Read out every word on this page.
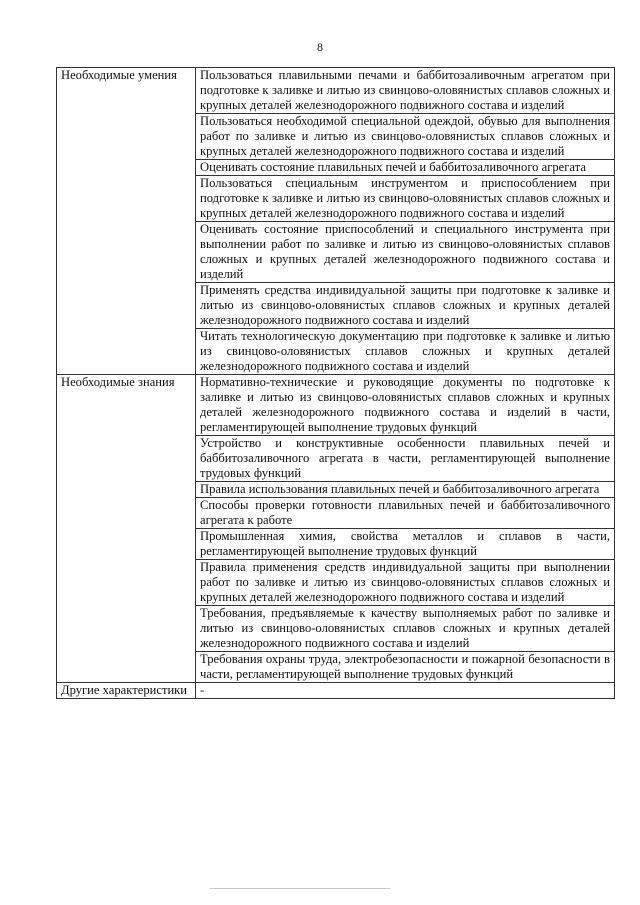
8
Необходимые умения	Пользоваться плавильными печами и баббитозаливочным агрегатом при подготовке к заливке и литью из свинцово-оловянистых сплавов сложных и крупных деталей железнодорожного подвижного состава и изделий
	Пользоваться необходимой специальной одеждой, обувью для выполнения работ по заливке и литью из свинцово-оловянистых сплавов сложных и крупных деталей железнодорожного подвижного состава и изделий
	Оценивать состояние плавильных печей и баббитозаливочного агрегата
	Пользоваться специальным инструментом и приспособлением при подготовке к заливке и литью из свинцово-оловянистых сплавов сложных и крупных деталей железнодорожного подвижного состава и изделий
	Оценивать состояние приспособлений и специального инструмента при выполнении работ по заливке и литью из свинцово-оловянистых сплавов сложных и крупных деталей железнодорожного подвижного состава и изделий
	Применять средства индивидуальной защиты при подготовке к заливке и литью из свинцово-оловянистых сплавов сложных и крупных деталей железнодорожного подвижного состава и изделий
	Читать технологическую документацию при подготовке к заливке и литью из свинцово-оловянистых сплавов сложных и крупных деталей железнодорожного подвижного состава и изделий
Необходимые знания	Нормативно-технические и руководящие документы по подготовке к заливке и литью из свинцово-оловянистых сплавов сложных и крупных деталей железнодорожного подвижного состава и изделий в части, регламентирующей выполнение трудовых функций
	Устройство и конструктивные особенности плавильных печей и баббитозаливочного агрегата в части, регламентирующей выполнение трудовых функций
	Правила использования плавильных печей и баббитозаливочного агрегата
	Способы проверки готовности плавильных печей и баббитозаливочного агрегата к работе
	Промышленная химия, свойства металлов и сплавов в части, регламентирующей выполнение трудовых функций
	Правила применения средств индивидуальной защиты при выполнении работ по заливке и литью из свинцово-оловянистых сплавов сложных и крупных деталей железнодорожного подвижного состава и изделий
	Требования, предъявляемые к качеству выполняемых работ по заливке и литью из свинцово-оловянистых сплавов сложных и крупных деталей железнодорожного подвижного состава и изделий
	Требования охраны труда, электробезопасности и пожарной безопасности в части, регламентирующей выполнение трудовых функций
Другие характеристики	-
